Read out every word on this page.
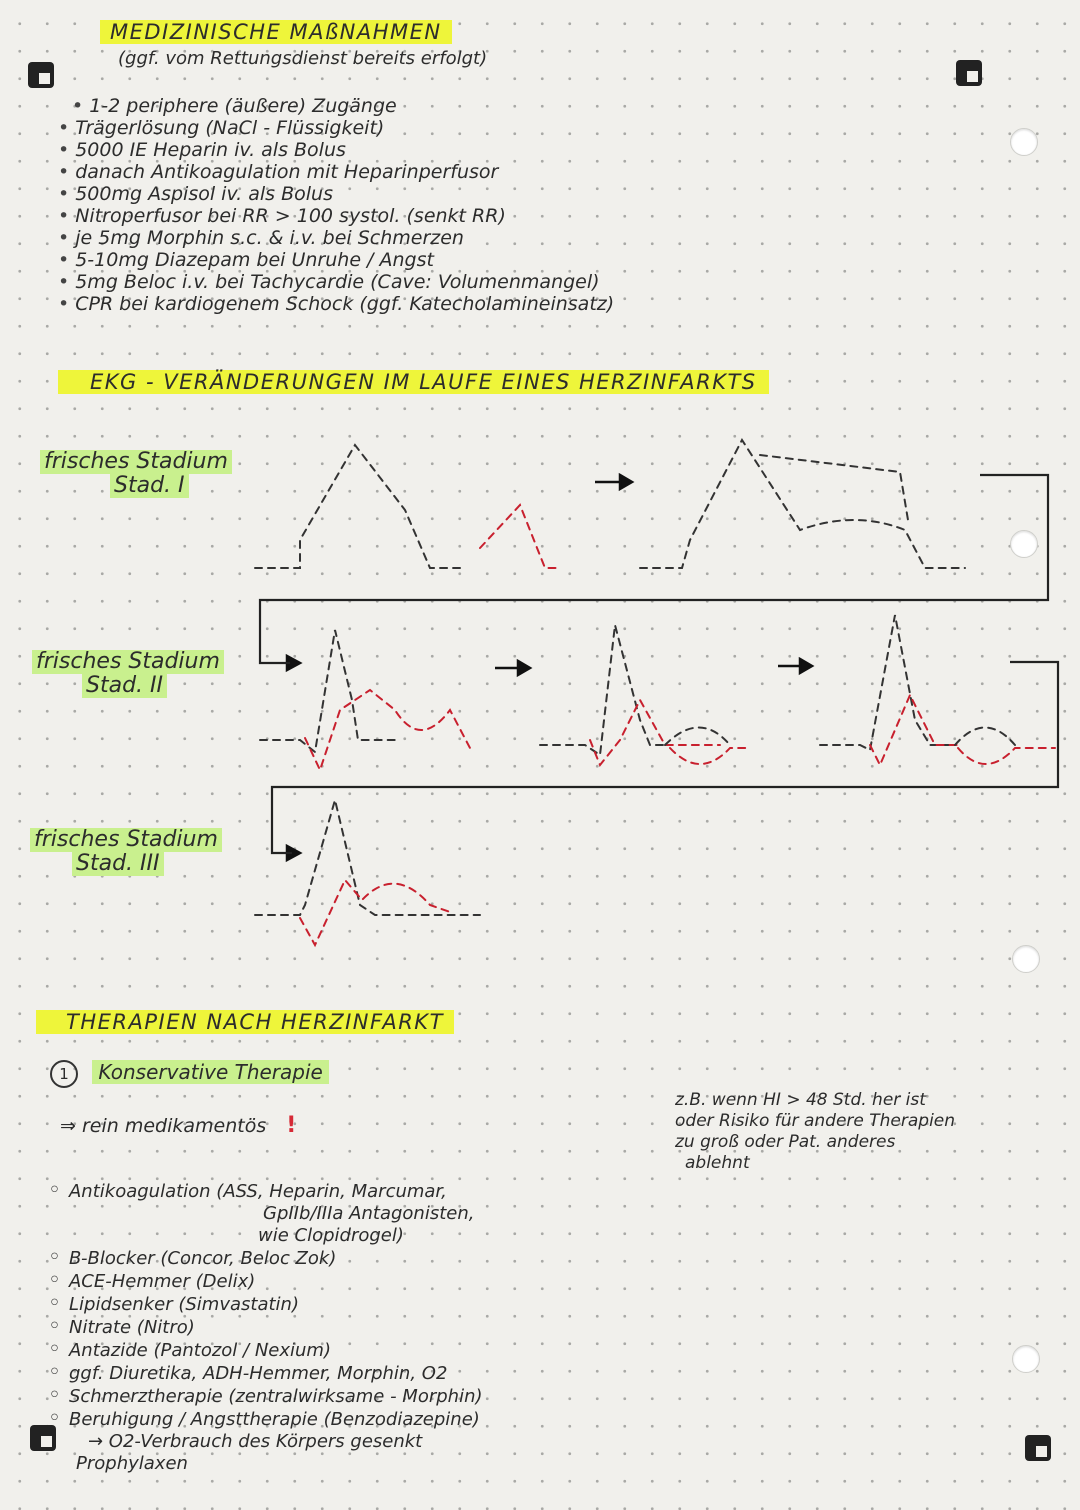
MEDIZINISCHE MAßNAHMEN
(ggf. vom Rettungsdienst bereits erfolgt)
• 1-2 periphere (äußere) Zugänge
• Trägerlösung (NaCl - Flüssigkeit)
• 5000 IE Heparin iv. als Bolus
• danach Antikoagulation mit Heparinperfusor
• 500mg Aspisol iv. als Bolus
• Nitroperfusor bei RR > 100 systol. (senkt RR)
• je 5mg Morphin s.c. & i.v. bei Schmerzen
• 5-10mg Diazepam bei Unruhe / Angst
• 5mg Beloc i.v. bei Tachycardie (Cave: Volumenmangel)
• CPR bei kardiogenem Schock (ggf. Katecholamineinsatz)
EKG - VERÄNDERUNGEN IM LAUFE EINES HERZINFARKTS
frisches Stadium
Stad. I
frisches Stadium
Stad. II
frisches Stadium
Stad. III
THERAPIEN NACH HERZINFARKT
1 Konservative Therapie
⇒ rein medikamentös !
z.B. wenn HI > 48 Std. her ist
oder Risiko für andere Therapien
zu groß oder Pat. anderes
ablehnt
◦ Antikoagulation (ASS, Heparin, Marcumar,
GpIIb/IIIa Antagonisten,
wie Clopidrogel)
◦ B-Blocker (Concor, Beloc Zok)
◦ ACE-Hemmer (Delix)
◦ Lipidsenker (Simvastatin)
◦ Nitrate (Nitro)
◦ Antazide (Pantozol / Nexium)
◦ ggf. Diuretika, ADH-Hemmer, Morphin, O2
◦ Schmerztherapie (zentralwirksame - Morphin)
◦ Beruhigung / Angsttherapie (Benzodiazepine)
→ O2-Verbrauch des Körpers gesenkt
Prophylaxen
